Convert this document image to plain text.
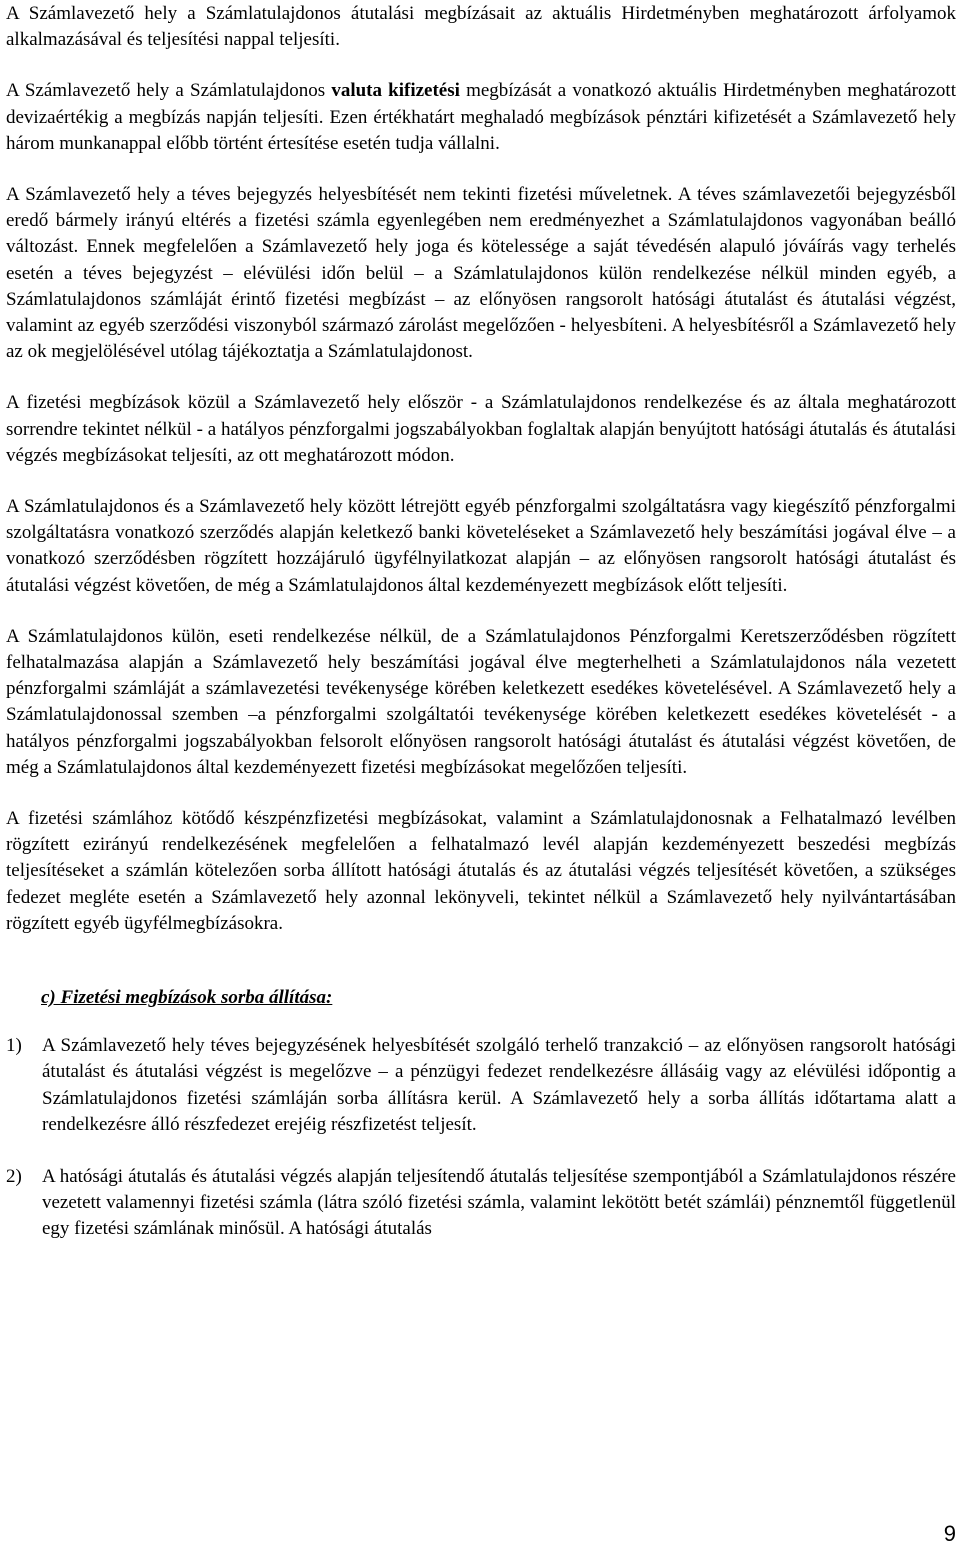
A Számlavezető hely a Számlatulajdonos átutalási megbízásait az aktuális Hirdetményben meghatározott árfolyamok alkalmazásával és teljesítési nappal teljesíti.

A Számlavezető hely a Számlatulajdonos valuta kifizetési megbízását a vonatkozó aktuális Hirdetményben meghatározott devizaértékig a megbízás napján teljesíti. Ezen értékhatárt meghaladó megbízások pénztári kifizetését a Számlavezető hely három munkanappal előbb történt értesítése esetén tudja vállalni.

A Számlavezető hely a téves bejegyzés helyesbítését nem tekinti fizetési műveletnek. A téves számlavezetői bejegyzésből eredő bármely irányú eltérés a fizetési számla egyenlegében nem eredményezhet a Számlatulajdonos vagyonában beálló változást. Ennek megfelelően a Számlavezető hely joga és kötelessége a saját tévedésén alapuló jóváírás vagy terhelés esetén a téves bejegyzést – elévülési időn belül – a Számlatulajdonos külön rendelkezése nélkül minden egyéb, a Számlatulajdonos számláját érintő fizetési megbízást – az előnyösen rangsorolt hatósági átutalást és átutalási végzést, valamint az egyéb szerződési viszonyból származó zárolást megelőzően - helyesbíteni. A helyesbítésről a Számlavezető hely az ok megjelölésével utólag tájékoztatja a Számlatulajdonost.

A fizetési megbízások közül a Számlavezető hely először - a Számlatulajdonos rendelkezése és az általa meghatározott sorrendre tekintet nélkül - a hatályos pénzforgalmi jogszabályokban foglaltak alapján benyújtott hatósági átutalás és átutalási végzés megbízásokat teljesíti, az ott meghatározott módon.

A Számlatulajdonos és a Számlavezető hely között létrejött egyéb pénzforgalmi szolgáltatásra vagy kiegészítő pénzforgalmi szolgáltatásra vonatkozó szerződés alapján keletkező banki követeléseket a Számlavezető hely beszámítási jogával élve – a vonatkozó szerződésben rögzített hozzájáruló ügyfélnyilatkozat alapján – az előnyösen rangsorolt hatósági átutalást és átutalási végzést követően, de még a Számlatulajdonos által kezdeményezett megbízások előtt teljesíti.

A Számlatulajdonos külön, eseti rendelkezése nélkül, de a Számlatulajdonos Pénzforgalmi Keretszerződésben rögzített felhatalmazása alapján a Számlavezető hely beszámítási jogával élve megterhelheti a Számlatulajdonos nála vezetett pénzforgalmi számláját a számlavezetési tevékenysége körében keletkezett esedékes követelésével. A Számlavezető hely a Számlatulajdonossal szemben –a pénzforgalmi szolgáltatói tevékenysége körében keletkezett esedékes követelését - a hatályos pénzforgalmi jogszabályokban felsorolt előnyösen rangsorolt hatósági átutalást és átutalási végzést követően, de még a Számlatulajdonos által kezdeményezett fizetési megbízásokat megelőzően teljesíti.

A fizetési számlához kötődő készpénzfizetési megbízásokat, valamint a Számlatulajdonosnak a Felhatalmazó levélben rögzített ezirányú rendelkezésének megfelelően a felhatalmazó levél alapján kezdeményezett beszedési megbízás teljesítéseket a számlán kötelezően sorba állított hatósági átutalás és az átutalási végzés teljesítését követően, a szükséges fedezet megléte esetén a Számlavezető hely azonnal lekönyveli, tekintet nélkül a Számlavezető hely nyilvántartásában rögzített egyéb ügyfélmegbízásokra.

c) Fizetési megbízások sorba állítása:
1)	A Számlavezető hely téves bejegyzésének helyesbítését szolgáló terhelő tranzakció – az előnyösen rangsorolt hatósági átutalást és átutalási végzést is megelőzve – a pénzügyi fedezet rendelkezésre állásáig vagy az elévülési időpontig a Számlatulajdonos fizetési számláján sorba állításra kerül. A Számlavezető hely a sorba állítás időtartama alatt a rendelkezésre álló részfedezet erejéig részfizetést teljesít.
2)	A hatósági átutalás és átutalási végzés alapján teljesítendő átutalás teljesítése szempontjából a Számlatulajdonos részére vezetett valamennyi fizetési számla (látra szóló fizetési számla, valamint lekötött betét számlái) pénznemtől függetlenül egy fizetési számlának minősül. A hatósági átutalás
9
